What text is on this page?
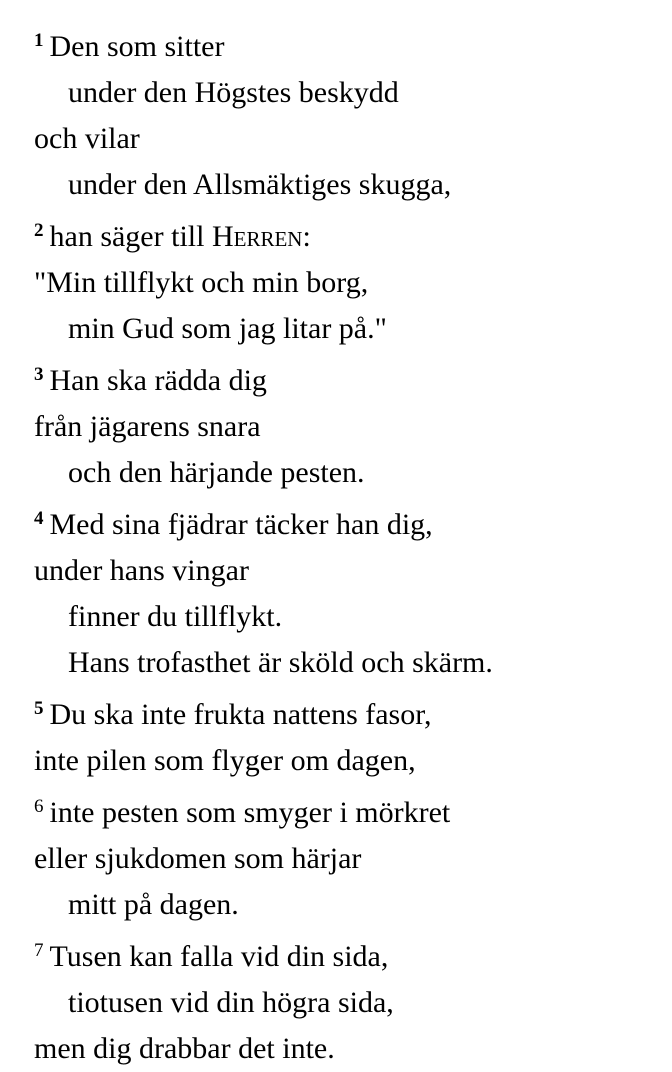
$^1$ Den som sitter
under den Högstes beskydd
och vilar
under den Allsmäktiges skugga,
$^2$ han säger till Herren:
"Min tillflykt och min borg,
min Gud som jag litar på."
$^3$ Han ska rädda dig
från jägarens snara
och den härjande pesten.
$^4$ Med sina fjädrar täcker han dig,
under hans vingar
finner du tillflykt.
Hans trofasthet är sköld och skärm.
$^5$ Du ska inte frukta nattens fasor,
inte pilen som flyger om dagen,
$^6$ inte pesten som smyger i mörkret
eller sjukdomen som härjar
mitt på dagen.
$^7$ Tusen kan falla vid din sida,
tiotusen vid din högra sida,
men dig drabbar det inte.
